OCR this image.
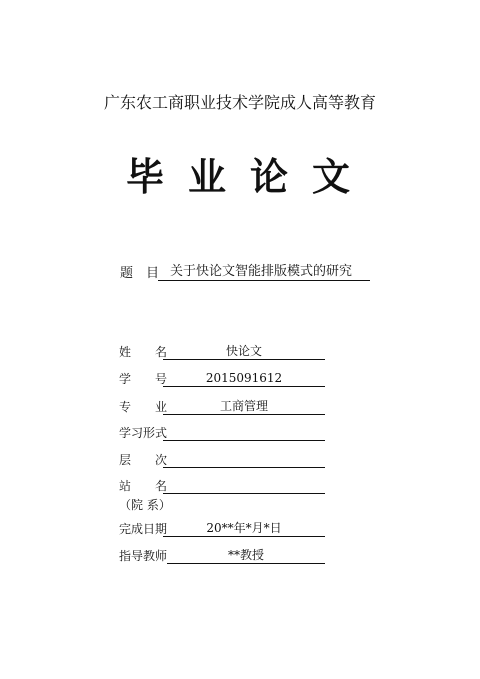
广东农工商职业技术学院成人高等教育
毕业论文
题　目 关于快论文智能排版模式的研究
姓　　名	快论文
学　　号	2015091612
专　　业	工商管理
学习形式
层　　次
站　　名
（院 系）
完成日期	20**年*月*日
指导教师	**教授
